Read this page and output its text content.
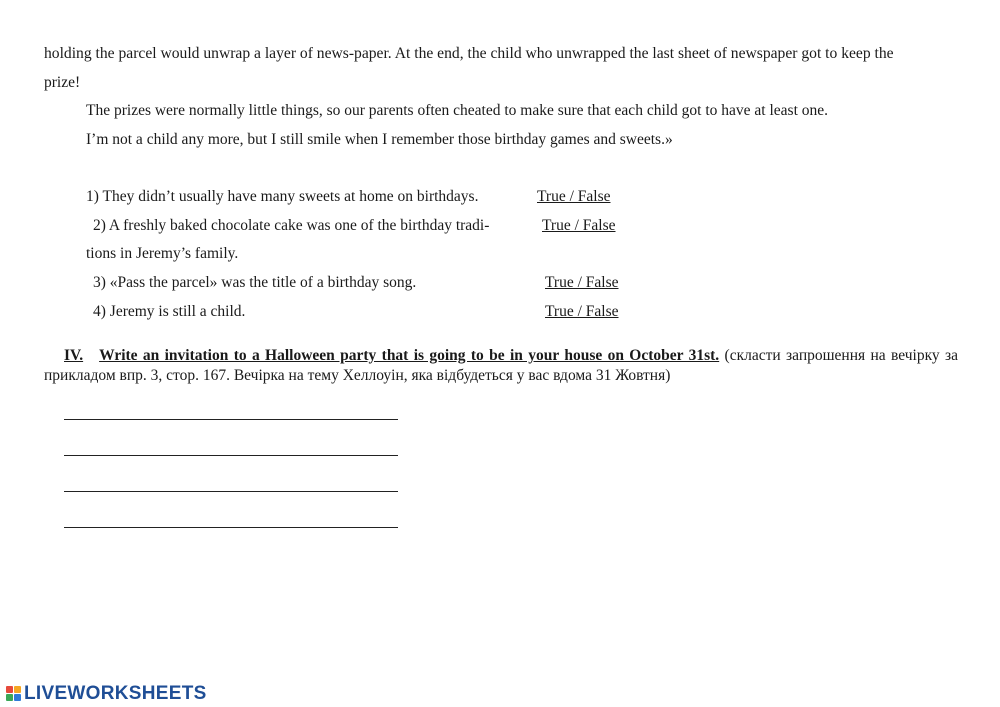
holding the parcel would unwrap a layer of news-paper. At the end, the child who unwrapped the last sheet of newspaper got to keep the
prize!
The prizes were normally little things, so our parents often cheated to make sure that each child got to have at least one.
I’m not a child any more, but I still smile when I remember those birthday games and sweets.»
1) They didn’t usually have many sweets at home on birthdays.	True / False
2) A freshly baked chocolate cake was one of the birthday tradi-	True / False
tions in Jeremy’s family.
3) «Pass the parcel» was the title of a birthday song.	True / False
4) Jeremy is still a child.	True / False
IV. Write an invitation to a Halloween party that is going to be in your house on October 31st. (скласти запрошення на вечірку за прикладом впр. 3, стор. 167. Вечірка на тему Хеллоуін, яка відбудеться у вас вдома 31 Жовтня)
LIVEWORKSHEETS
